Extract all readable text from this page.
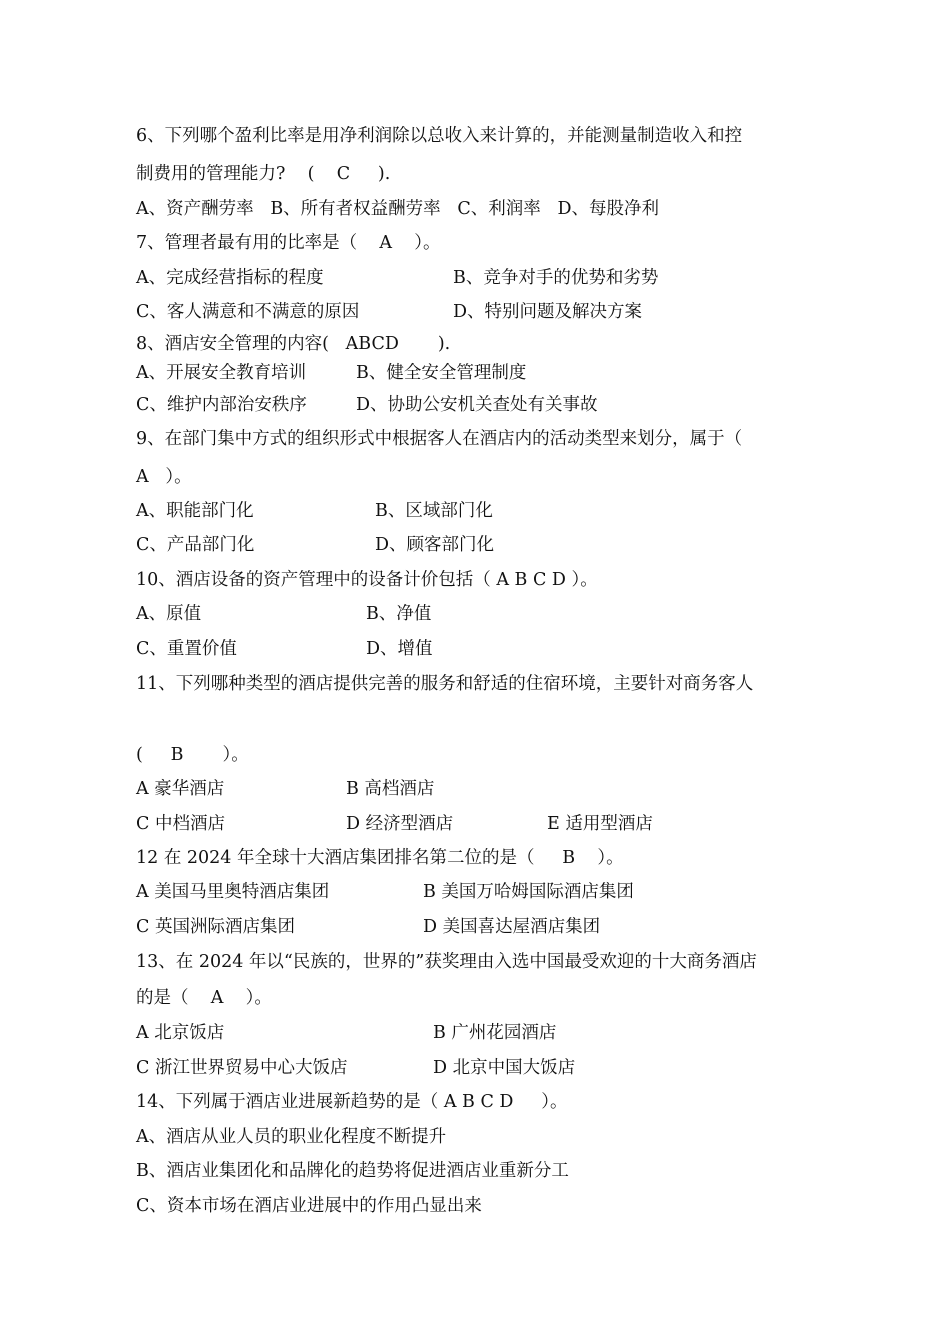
6、下列哪个盈利比率是用净利润除以总收入来计算的，并能测量制造收入和控
制费用的管理能力?    (    C     ).
A、资产酬劳率   B、所有者权益酬劳率   C、利润率   D、每股净利
7、管理者最有用的比率是（    A    ）。
A、完成经营指标的程度	B、竞争对手的优势和劣势
C、客人满意和不满意的原因	D、特别问题及解决方案
8、酒店安全管理的内容(   ABCD       ).
A、开展安全教育培训	B、健全安全管理制度
C、维护内部治安秩序	D、协助公安机关查处有关事故
9、在部门集中方式的组织形式中根据客人在酒店内的活动类型来划分，属于（
A   ）。
A、职能部门化	B、区域部门化
C、产品部门化	D、顾客部门化
10、酒店设备的资产管理中的设备计价包括（ A B C D ）。
A、原值	B、净值
C、重置价值	D、增值
11、下列哪种类型的酒店提供完善的服务和舒适的住宿环境，主要针对商务客人
(     B       ）。
A 豪华酒店	B 高档酒店
C 中档酒店	D 经济型酒店	E 适用型酒店
12 在 2024 年全球十大酒店集团排名第二位的是（     B    ）。
A 美国马里奥特酒店集团	B 美国万哈姆国际酒店集团
C 英国洲际酒店集团	D 美国喜达屋酒店集团
13、在 2024 年以“民族的，世界的”获奖理由入选中国最受欢迎的十大商务酒店
的是（    A    ）。
A 北京饭店	B 广州花园酒店
C 浙江世界贸易中心大饭店	D 北京中国大饭店
14、下列属于酒店业进展新趋势的是（ A B C D     ）。
A、酒店从业人员的职业化程度不断提升
B、酒店业集团化和品牌化的趋势将促进酒店业重新分工
C、资本市场在酒店业进展中的作用凸显出来
